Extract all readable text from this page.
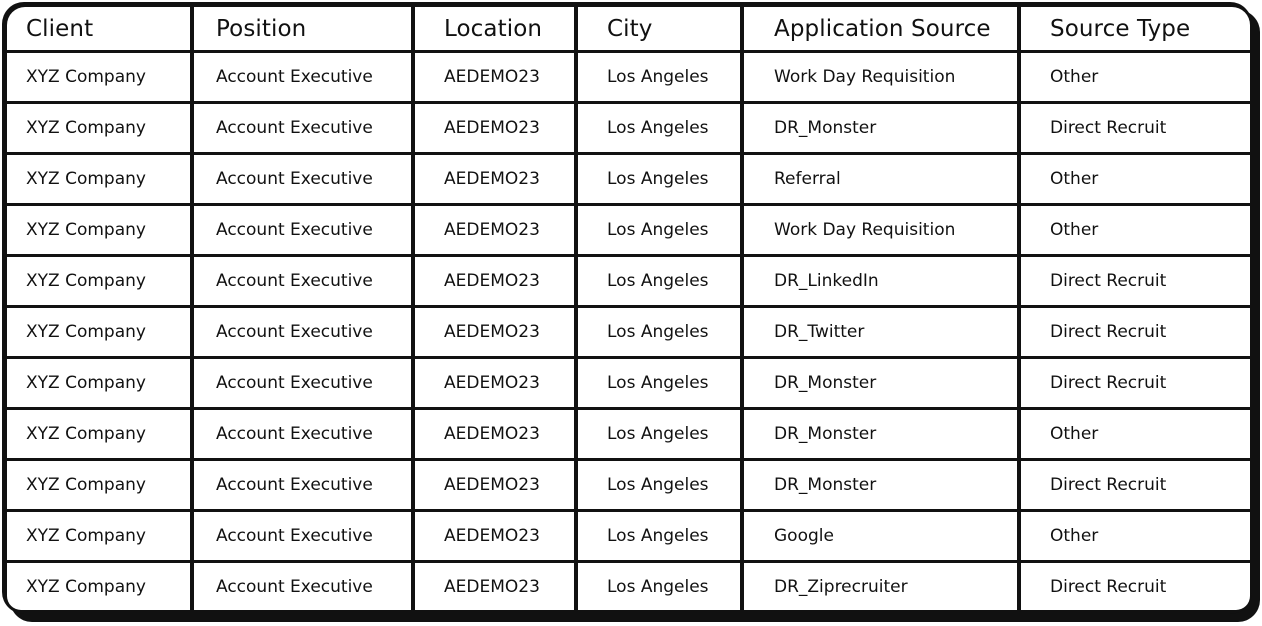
Client	Position	Location	City	Application Source	Source Type
XYZ Company	Account Executive	AEDEMO23	Los Angeles	Work Day Requisition	Other
XYZ Company	Account Executive	AEDEMO23	Los Angeles	DR_Monster	Direct Recruit
XYZ Company	Account Executive	AEDEMO23	Los Angeles	Referral	Other
XYZ Company	Account Executive	AEDEMO23	Los Angeles	Work Day Requisition	Other
XYZ Company	Account Executive	AEDEMO23	Los Angeles	DR_LinkedIn	Direct Recruit
XYZ Company	Account Executive	AEDEMO23	Los Angeles	DR_Twitter	Direct Recruit
XYZ Company	Account Executive	AEDEMO23	Los Angeles	DR_Monster	Direct Recruit
XYZ Company	Account Executive	AEDEMO23	Los Angeles	DR_Monster	Other
XYZ Company	Account Executive	AEDEMO23	Los Angeles	DR_Monster	Direct Recruit
XYZ Company	Account Executive	AEDEMO23	Los Angeles	Google	Other
XYZ Company	Account Executive	AEDEMO23	Los Angeles	DR_Ziprecruiter	Direct Recruit
